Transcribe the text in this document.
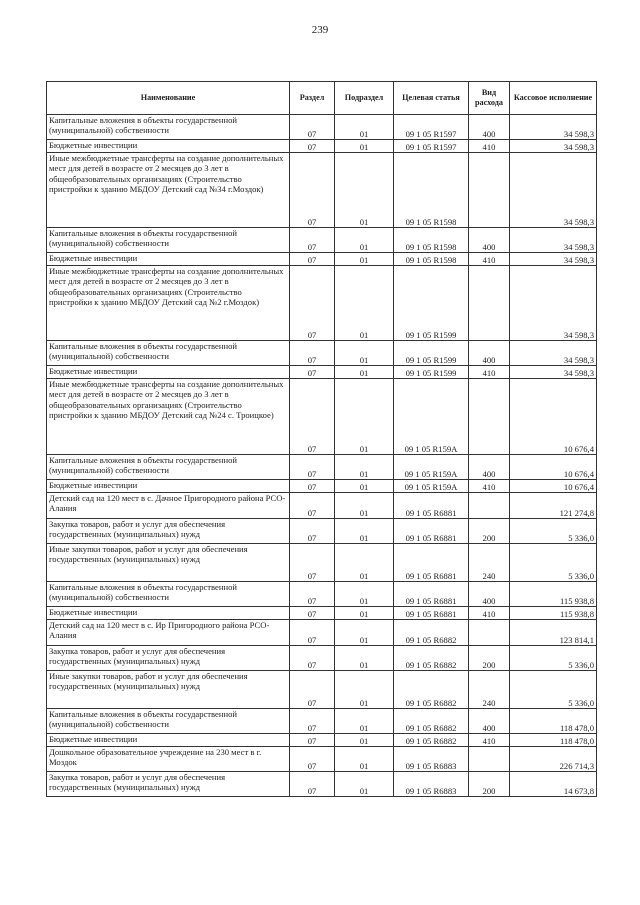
239
Наименование	Раздел	Подраздел	Целевая статья	Вид расхода	Кассовое исполнение
Капитальные вложения в объекты государственной (муниципальной) собственности	07	01	09 1 05 R1597	400	34 598,3
Бюджетные инвестиции	07	01	09 1 05 R1597	410	34 598,3
Иные межбюджетные трансферты на создание дополнительных мест для детей в возрасте от 2 месяцев до 3 лет в общеобразовательных организациях (Строительство пристройки к зданию МБДОУ Детский сад №34 г.Моздок)	07	01	09 1 05 R1598		34 598,3
Капитальные вложения в объекты государственной (муниципальной) собственности	07	01	09 1 05 R1598	400	34 598,3
Бюджетные инвестиции	07	01	09 1 05 R1598	410	34 598,3
Иные межбюджетные трансферты на создание дополнительных мест для детей в возрасте от 2 месяцев до 3 лет в общеобразовательных организациях (Строительство пристройки к зданию МБДОУ Детский сад №2 г.Моздок)	07	01	09 1 05 R1599		34 598,3
Капитальные вложения в объекты государственной (муниципальной) собственности	07	01	09 1 05 R1599	400	34 598,3
Бюджетные инвестиции	07	01	09 1 05 R1599	410	34 598,3
Иные межбюджетные трансферты на создание дополнительных мест для детей в возрасте от 2 месяцев до 3 лет в общеобразовательных организациях (Строительство пристройки к зданию МБДОУ Детский сад №24 с. Троицкое)	07	01	09 1 05 R159A		10 676,4
Капитальные вложения в объекты государственной (муниципальной) собственности	07	01	09 1 05 R159A	400	10 676,4
Бюджетные инвестиции	07	01	09 1 05 R159A	410	10 676,4
Детский сад на 120 мест в с. Дачное Пригородного района РСО-Алания	07	01	09 1 05 R6881		121 274,8
Закупка товаров, работ и услуг для обеспечения государственных (муниципальных) нужд	07	01	09 1 05 R6881	200	5 336,0
Иные закупки товаров, работ и услуг для обеспечения государственных (муниципальных) нужд	07	01	09 1 05 R6881	240	5 336,0
Капитальные вложения в объекты государственной (муниципальной) собственности	07	01	09 1 05 R6881	400	115 938,8
Бюджетные инвестиции	07	01	09 1 05 R6881	410	115 938,8
Детский сад на 120 мест в с. Ир Пригородного района РСО-Алания	07	01	09 1 05 R6882		123 814,1
Закупка товаров, работ и услуг для обеспечения государственных (муниципальных) нужд	07	01	09 1 05 R6882	200	5 336,0
Иные закупки товаров, работ и услуг для обеспечения государственных (муниципальных) нужд	07	01	09 1 05 R6882	240	5 336,0
Капитальные вложения в объекты государственной (муниципальной) собственности	07	01	09 1 05 R6882	400	118 478,0
Бюджетные инвестиции	07	01	09 1 05 R6882	410	118 478,0
Дошкольное образовательное учреждение на 230 мест в г. Моздок	07	01	09 1 05 R6883		226 714,3
Закупка товаров, работ и услуг для обеспечения государственных (муниципальных) нужд	07	01	09 1 05 R6883	200	14 673,8
